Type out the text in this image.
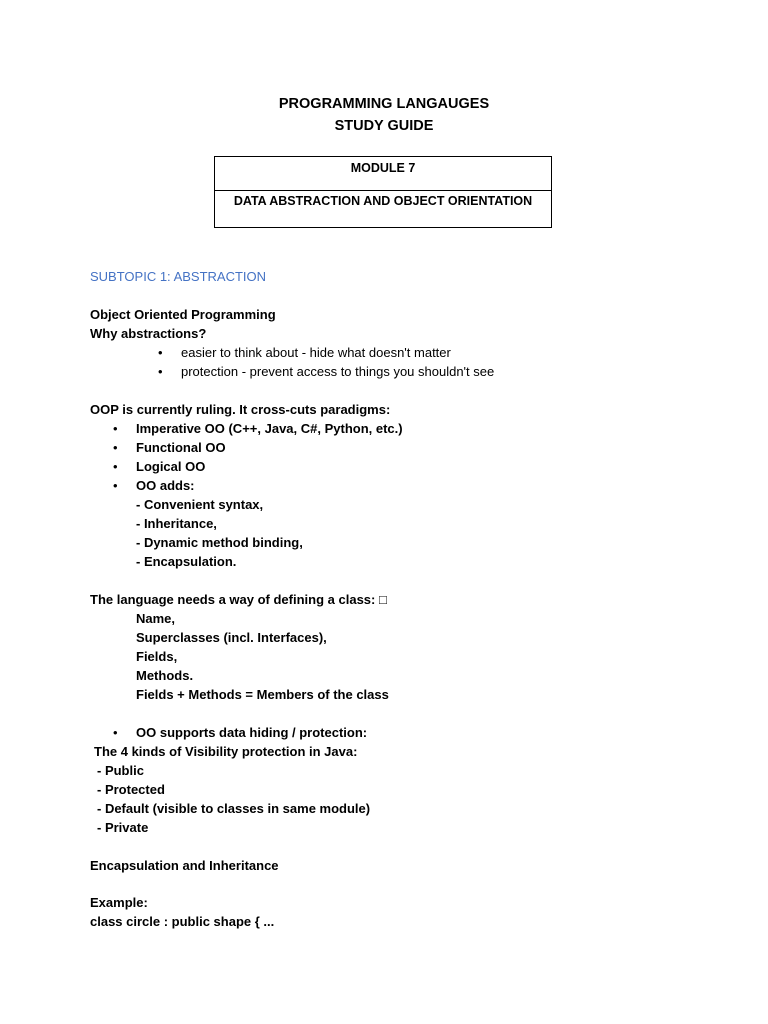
PROGRAMMING LANGAUGES
STUDY GUIDE
MODULE 7
DATA ABSTRACTION AND OBJECT ORIENTATION
SUBTOPIC 1: ABSTRACTION
Object Oriented Programming
Why abstractions?
• easier to think about - hide what doesn't matter
• protection - prevent access to things you shouldn't see
OOP is currently ruling. It cross-cuts paradigms:
• Imperative OO (C++, Java, C#, Python, etc.)
• Functional OO
• Logical OO
• OO adds:
- Convenient syntax,
- Inheritance,
- Dynamic method binding,
- Encapsulation.
The language needs a way of defining a class: □
Name,
Superclasses (incl. Interfaces),
Fields,
Methods.
Fields + Methods = Members of the class
• OO supports data hiding / protection:
The 4 kinds of Visibility protection in Java:
- Public
- Protected
- Default (visible to classes in same module)
- Private
Encapsulation and Inheritance
Example:
class circle : public shape { ...
